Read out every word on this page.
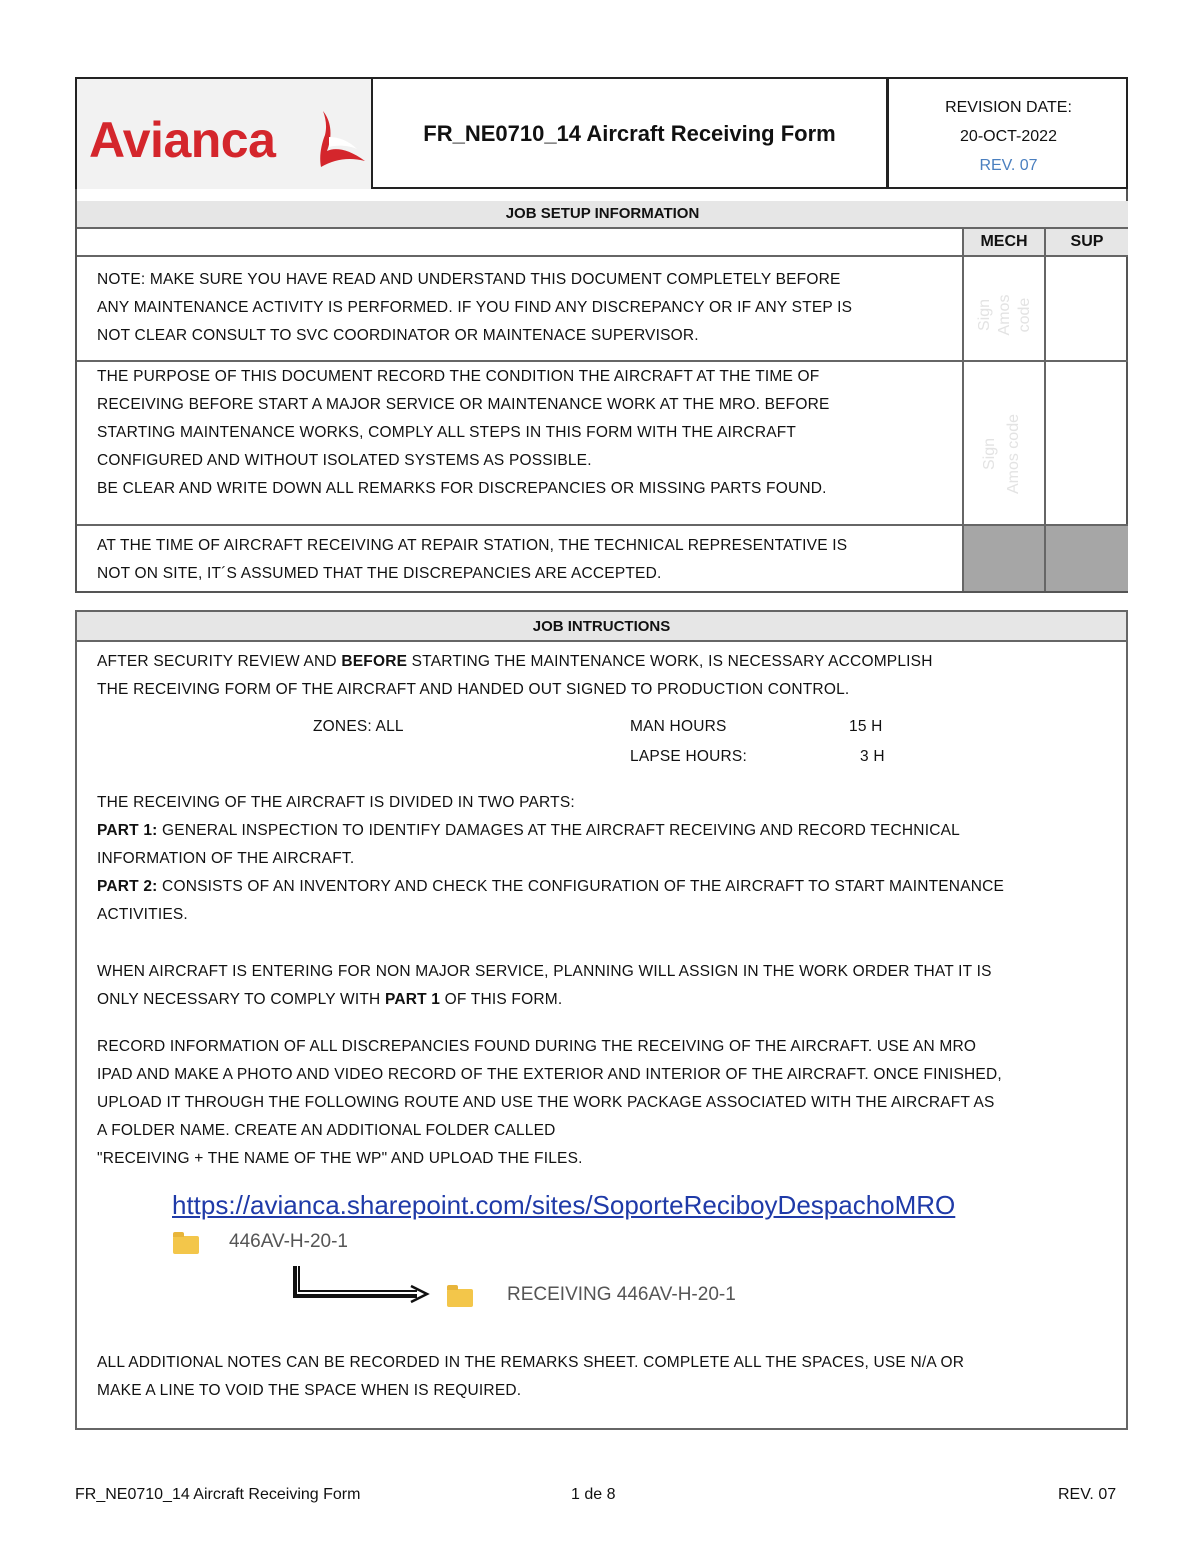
Avianca	FR_NE0710_14 Aircraft Receiving Form
REVISION DATE:
20-OCT-2022
REV. 07
JOB SETUP INFORMATION
MECH	SUP
NOTE: MAKE SURE YOU HAVE READ AND UNDERSTAND THIS DOCUMENT COMPLETELY BEFORE
ANY MAINTENANCE ACTIVITY IS PERFORMED. IF YOU FIND ANY DISCREPANCY OR IF ANY STEP IS
NOT CLEAR CONSULT TO SVC COORDINATOR OR MAINTENACE SUPERVISOR.
Sign Amos code
THE PURPOSE OF THIS DOCUMENT RECORD THE CONDITION THE AIRCRAFT AT THE TIME OF
RECEIVING BEFORE START A MAJOR SERVICE OR MAINTENANCE WORK AT THE MRO. BEFORE
STARTING MAINTENANCE WORKS, COMPLY ALL STEPS IN THIS FORM WITH THE AIRCRAFT
CONFIGURED AND WITHOUT ISOLATED SYSTEMS AS POSSIBLE.
BE CLEAR AND WRITE DOWN ALL REMARKS FOR DISCREPANCIES OR MISSING PARTS FOUND.
Sign Amos code
AT THE TIME OF AIRCRAFT RECEIVING AT REPAIR STATION, THE TECHNICAL REPRESENTATIVE IS
NOT ON SITE, IT´S ASSUMED THAT THE DISCREPANCIES ARE ACCEPTED.
JOB INTRUCTIONS
AFTER SECURITY REVIEW AND BEFORE STARTING THE MAINTENANCE WORK, IS NECESSARY ACCOMPLISH
THE RECEIVING FORM OF THE AIRCRAFT AND HANDED OUT SIGNED TO PRODUCTION CONTROL.
ZONES: ALL	MAN HOURS	15 H
LAPSE HOURS:	3 H
THE RECEIVING OF THE AIRCRAFT IS DIVIDED IN TWO PARTS:
PART 1: GENERAL INSPECTION TO IDENTIFY DAMAGES AT THE AIRCRAFT RECEIVING AND RECORD TECHNICAL
INFORMATION OF THE AIRCRAFT.
PART 2: CONSISTS OF AN INVENTORY AND CHECK THE CONFIGURATION OF THE AIRCRAFT TO START MAINTENANCE
ACTIVITIES.
WHEN AIRCRAFT IS ENTERING FOR NON MAJOR SERVICE, PLANNING WILL ASSIGN IN THE WORK ORDER THAT IT IS
ONLY NECESSARY TO COMPLY WITH PART 1 OF THIS FORM.
RECORD INFORMATION OF ALL DISCREPANCIES FOUND DURING THE RECEIVING OF THE AIRCRAFT. USE AN MRO
IPAD AND MAKE A PHOTO AND VIDEO RECORD OF THE EXTERIOR AND INTERIOR OF THE AIRCRAFT. ONCE FINISHED,
UPLOAD IT THROUGH THE FOLLOWING ROUTE AND USE THE WORK PACKAGE ASSOCIATED WITH THE AIRCRAFT AS
A FOLDER NAME. CREATE AN ADDITIONAL FOLDER CALLED
"RECEIVING + THE NAME OF THE WP" AND UPLOAD THE FILES.
https://avianca.sharepoint.com/sites/SoporteReciboyDespachoMRO
446AV-H-20-1
RECEIVING 446AV-H-20-1
ALL ADDITIONAL NOTES CAN BE RECORDED IN THE REMARKS SHEET. COMPLETE ALL THE SPACES, USE N/A OR
MAKE A LINE TO VOID THE SPACE WHEN IS REQUIRED.
FR_NE0710_14 Aircraft Receiving Form	1 de 8	REV. 07
